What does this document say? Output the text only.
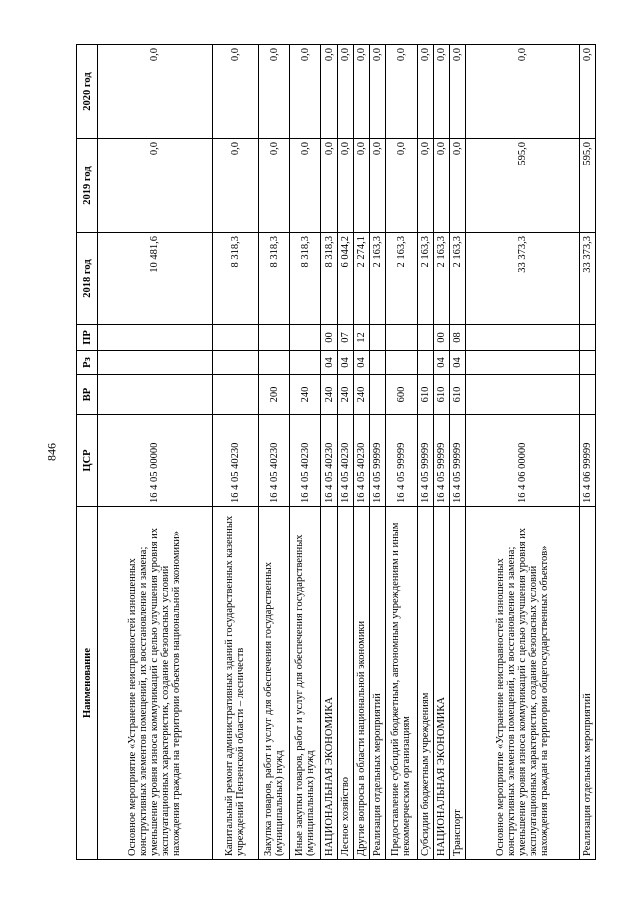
846
Наименование	ЦСР	ВР	Рз	ПР	2018 год	2019 год	2020 год
Основное мероприятие «Устранение неисправностей изношенных конструктивных элементов помещений, их восстановление и замена; уменьшение уровня износа коммуникаций с целью улучшения уровня их эксплуатационных характеристик, создание безопасных условий нахождения граждан на территории объектов национальной экономики»	16 4 05 00000				10 481,6	0,0	0,0
Капитальный ремонт административных зданий государственных казенных учреждений Пензенской области – лесничеств	16 4 05 40230				8 318,3	0,0	0,0
Закупка товаров, работ и услуг для обеспечения государственных (муниципальных) нужд	16 4 05 40230	200			8 318,3	0,0	0,0
Иные закупки товаров, работ и услуг для обеспечения государственных (муниципальных) нужд	16 4 05 40230	240			8 318,3	0,0	0,0
НАЦИОНАЛЬНАЯ ЭКОНОМИКА	16 4 05 40230	240	04	00	8 318,3	0,0	0,0
Лесное хозяйство	16 4 05 40230	240	04	07	6 044,2	0,0	0,0
Другие вопросы в области национальной экономики	16 4 05 40230	240	04	12	2 274,1	0,0	0,0
Реализация отдельных мероприятий	16 4 05 99999				2 163,3	0,0	0,0
Предоставление субсидий бюджетным, автономным учреждениям и иным некоммерческим организациям	16 4 05 99999	600			2 163,3	0,0	0,0
Субсидии бюджетным учреждениям	16 4 05 99999	610			2 163,3	0,0	0,0
НАЦИОНАЛЬНАЯ ЭКОНОМИКА	16 4 05 99999	610	04	00	2 163,3	0,0	0,0
Транспорт	16 4 05 99999	610	04	08	2 163,3	0,0	0,0
Основное мероприятие «Устранение неисправностей изношенных конструктивных элементов помещений, их восстановление и замена; уменьшение уровня износа коммуникаций с целью улучшения уровня их эксплуатационных характеристик, создание безопасных условий нахождения граждан на территории общегосударственных объектов»	16 4 06 00000				33 373,3	595,0	0,0
Реализация отдельных мероприятий	16 4 06 99999				33 373,3	595,0	0,0
